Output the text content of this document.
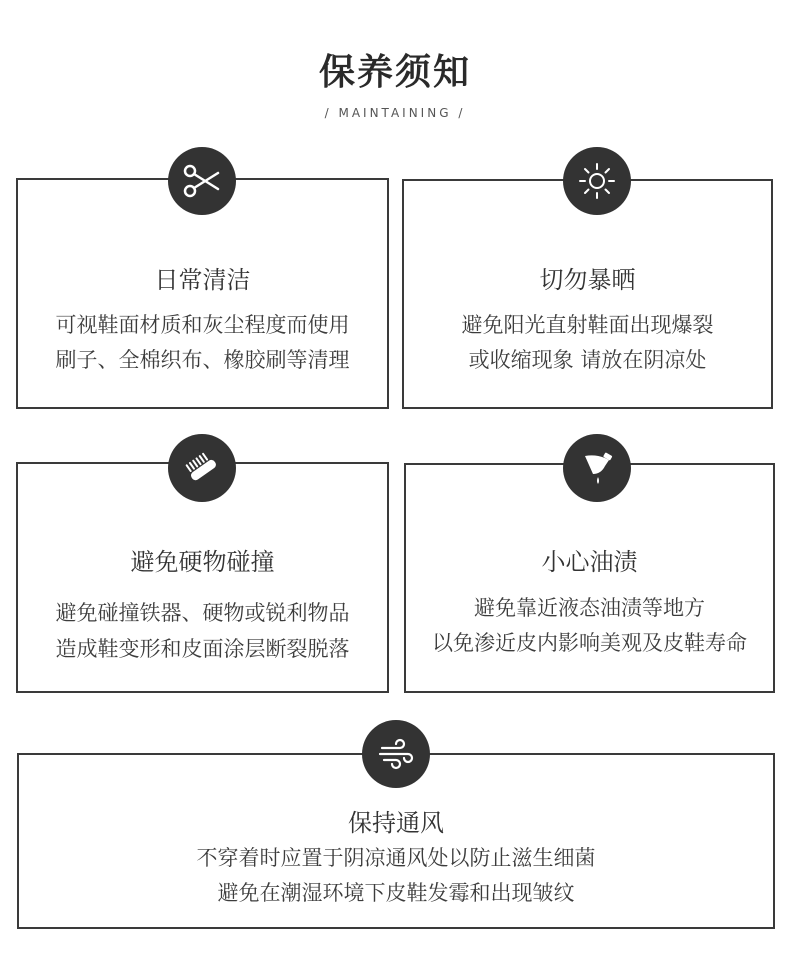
保养须知
/ MAINTAINING /
日常清洁
可视鞋面材质和灰尘程度而使用
刷子、全棉织布、橡胶刷等清理
切勿暴晒
避免阳光直射鞋面出现爆裂
或收缩现象 请放在阴凉处
避免硬物碰撞
避免碰撞铁器、硬物或锐利物品
造成鞋变形和皮面涂层断裂脱落
小心油渍
避免靠近液态油渍等地方
以免渗近皮内影响美观及皮鞋寿命
保持通风
不穿着时应置于阴凉通风处以防止滋生细菌
避免在潮湿环境下皮鞋发霉和出现皱纹
